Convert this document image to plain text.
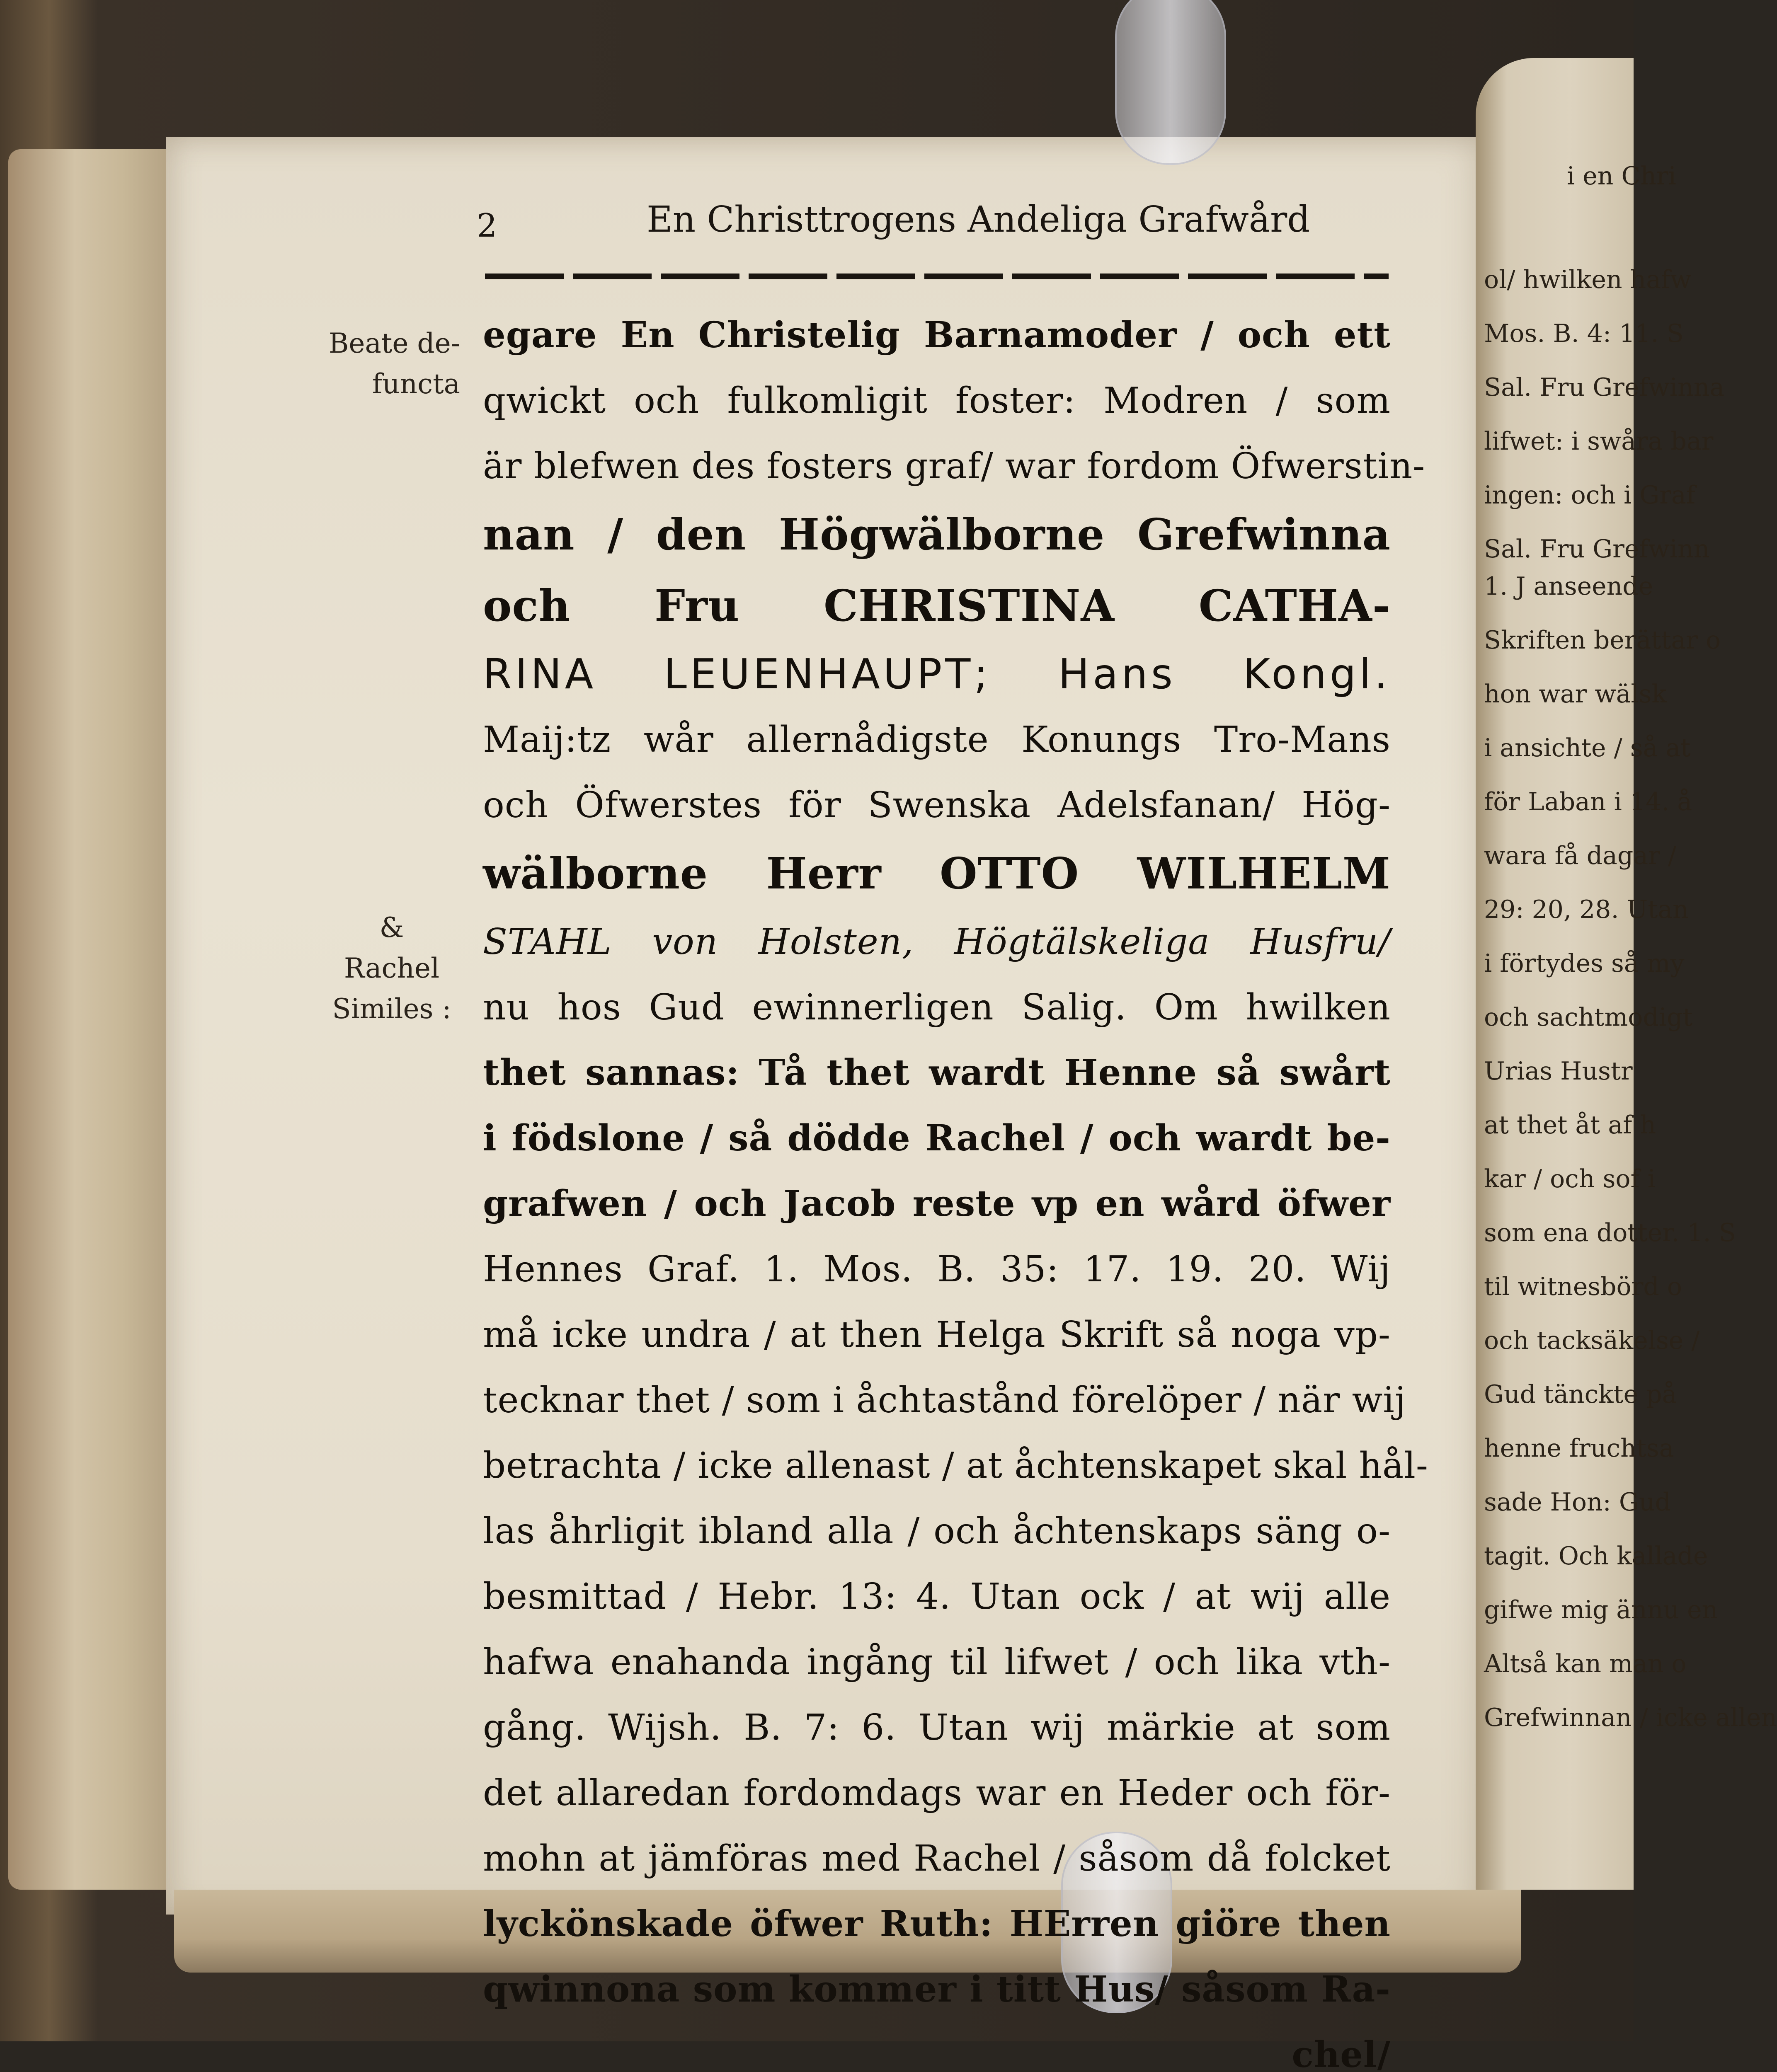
2	En Christtrogens Andeliga Grafwård
Beate de-
functa
&
Rachel
Similes :
egare En Christelig Barnamoder / och ett
qwickt och fulkomligit foster: Modren / som
är blefwen des fosters graf/ war fordom Öfwerstin-
nan / den Högwälborne Grefwinna
och Fru CHRISTINA CATHA-
RINA LEUENHAUPT; Hans Kongl.
Maij:tz wår allernådigste Konungs Tro-Mans
och Öfwerstes för Swenska Adelsfanan/ Hög-
wälborne Herr OTTO WILHELM
STAHL von Holsten, Högtälskeliga Husfru/
nu hos Gud ewinnerligen Salig. Om hwilken
thet sannas: Tå thet wardt Henne så swårt
i födslone / så dödde Rachel / och wardt be-
grafwen / och Jacob reste vp en wård öfwer
Hennes Graf. 1. Mos. B. 35: 17. 19. 20. Wij
må icke undra / at then Helga Skrift så noga vp-
tecknar thet / som i åchtastånd förelöper / när wij
betrachta / icke allenast / at åchtenskapet skal hål-
las åhrligit ibland alla / och åchtenskaps säng o-
besmittad / Hebr. 13: 4. Utan ock / at wij alle
hafwa enahanda ingång til lifwet / och lika vth-
gång. Wijsh. B. 7: 6. Utan wij märkie at som
det allaredan fordomdags war en Heder och för-
mohn at jämföras med Rachel / såsom då folcket
lyckönskade öfwer Ruth: HErren giöre then
qwinnona som kommer i titt Hus/ såsom Ra-
chel/
i en Chri
ol/ hwilken hafw
Mos. B. 4: 11. S
Sal. Fru Grefwinna
lifwet: i swåra bar
ingen: och i Graf
Sal. Fru Grefwinn
1. J anseende
Skriften berättar o
hon war wälsk
i ansichte / så at
för Laban i 14. å
wara få dagar /
29: 20, 28. Utan
i förtydes så my
och sachtmodigt
Urias Hustr
at thet åt af h
kar / och sof i
som ena dotter. 1. S
til witnesbörd o
och tacksäkelse /
Gud tänckte på
henne fruchtsa
sade Hon: Gud
tagit. Och kallade
gifwe mig ännu en
Altså kan man o
Grefwinnan / icke allen
